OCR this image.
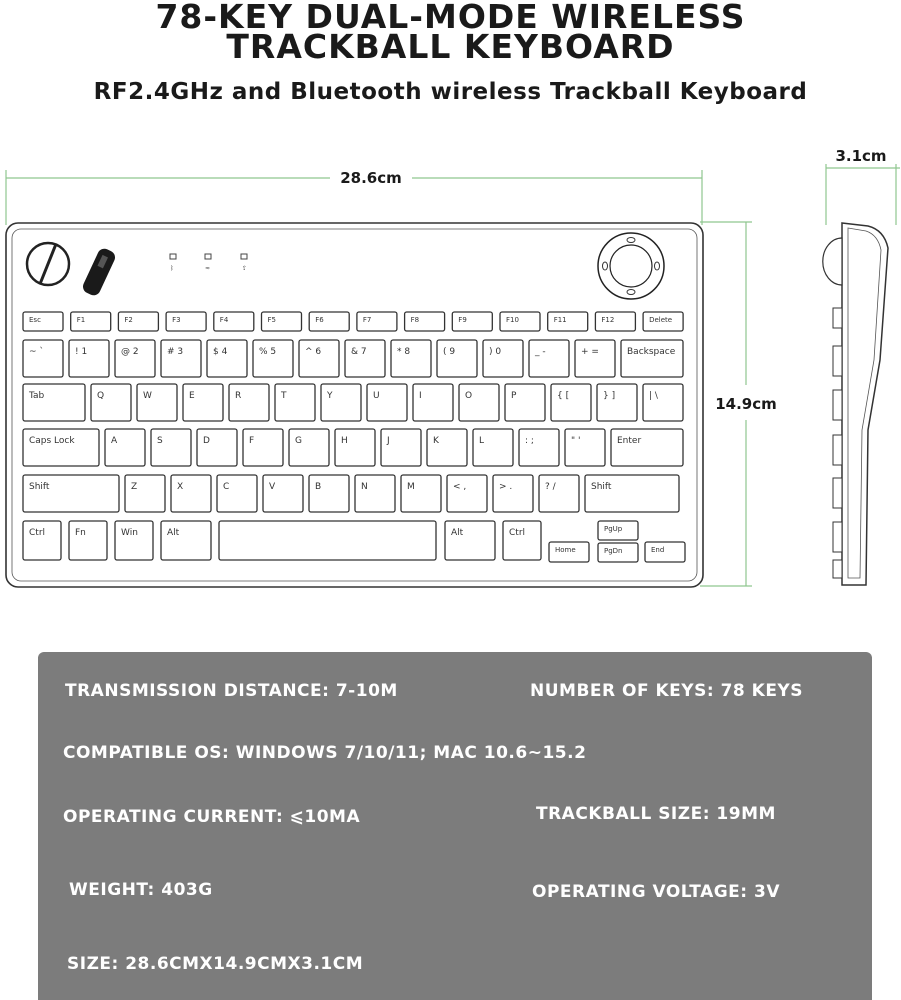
78-KEY DUAL-MODE WIRELESS
TRACKBALL KEYBOARD
RF2.4GHz and Bluetooth wireless Trackball Keyboard
28.6cm
14.9cm
3.1cm
ᛒ	≈	⇪
Esc	F1	F2	F3	F4	F5	F6	F7	F8	F9	F10	F11	F12	Delete
~ `	! 1	@ 2	# 3	$ 4	% 5	^ 6	& 7	* 8	( 9	) 0	_ -	+ =	Backspace
Tab	Q	W	E	R	T	Y	U	I	O	P	{ [	} ]	| \
Caps Lock	A	S	D	F	G	H	J	K	L	: ;	" '	Enter
Shift	Z	X	C	V	B	N	M	< ,	> .	? /	Shift
Ctrl	Fn	Win	Alt	Alt	Ctrl
Home
PgUp
PgDn	End
TRANSMISSION DISTANCE: 7-10M	NUMBER OF KEYS: 78 KEYS
COMPATIBLE OS: WINDOWS 7/10/11; MAC 10.6~15.2
OPERATING CURRENT: ⩽10MA	TRACKBALL SIZE: 19MM
WEIGHT: 403G	OPERATING VOLTAGE: 3V
SIZE: 28.6CMX14.9CMX3.1CM
